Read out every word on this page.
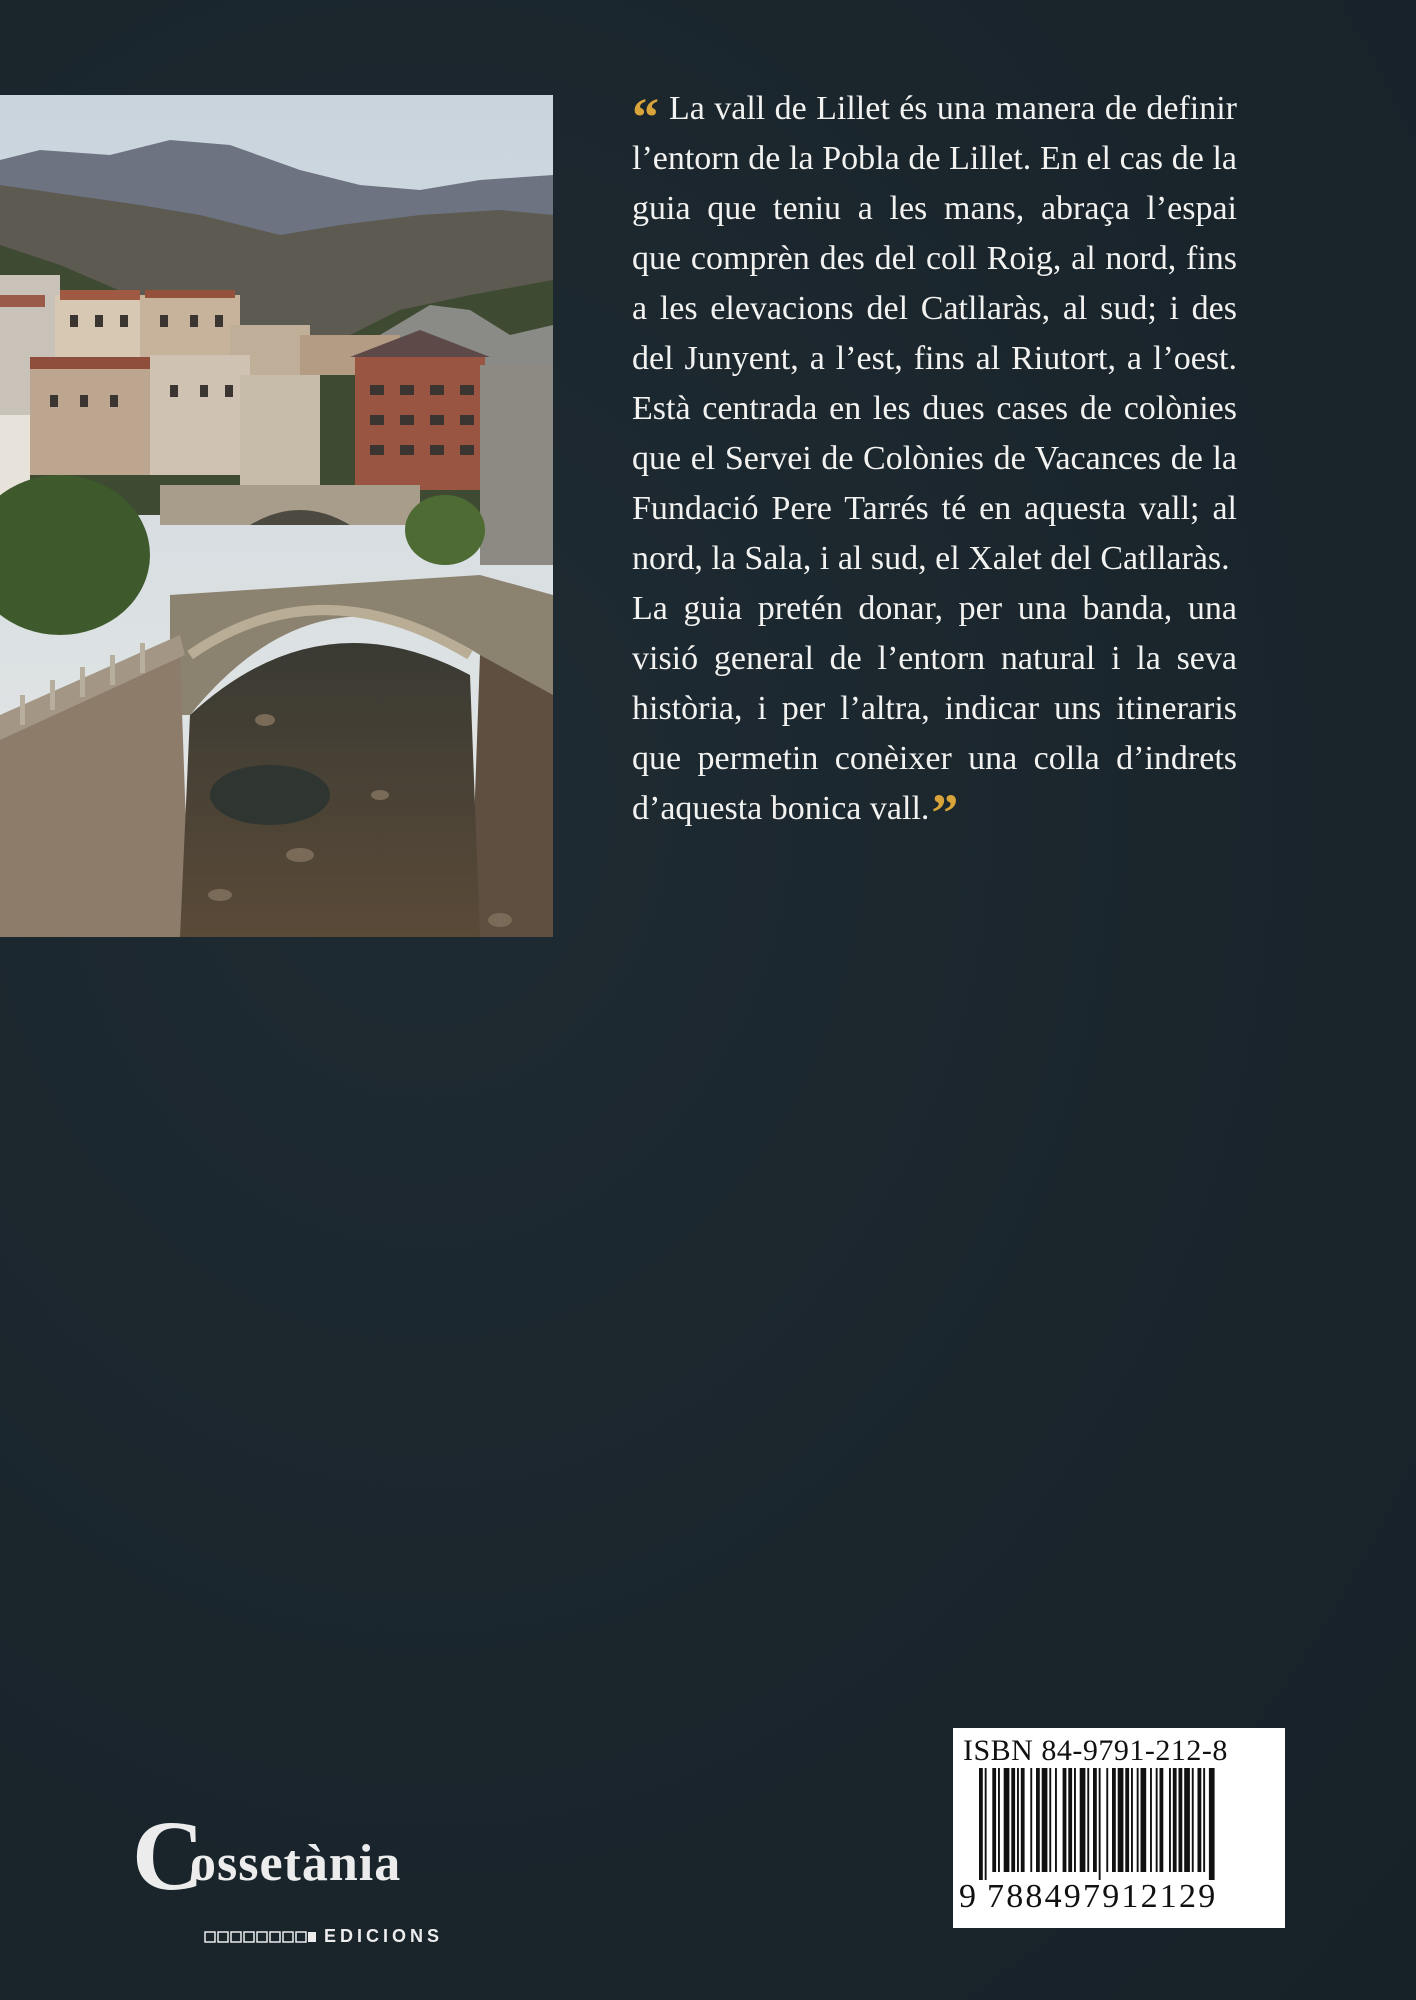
“ La vall de Lillet és una manera de definir l’entorn de la Pobla de Lillet. En el cas de la guia que teniu a les mans, abraça l’espai que comprèn des del coll Roig, al nord, fins a les elevacions del Catllaràs, al sud; i des del Junyent, a l’est, fins al Riutort, a l’oest. Està centrada en les dues cases de colònies que el Servei de Colònies de Vacances de la Fundació Pere Tarrés té en aquesta vall; al nord, la Sala, i al sud, el Xalet del Catllaràs.

La guia pretén donar, per una banda, una visió general de l’entorn natural i la seva història, i per l’altra, indicar uns itineraris que permetin conèixer una colla d’indrets d’aquesta bonica vall.”

C
ossetània
EDICIONS
ISBN 84-9791-212-8
9 788497912129
